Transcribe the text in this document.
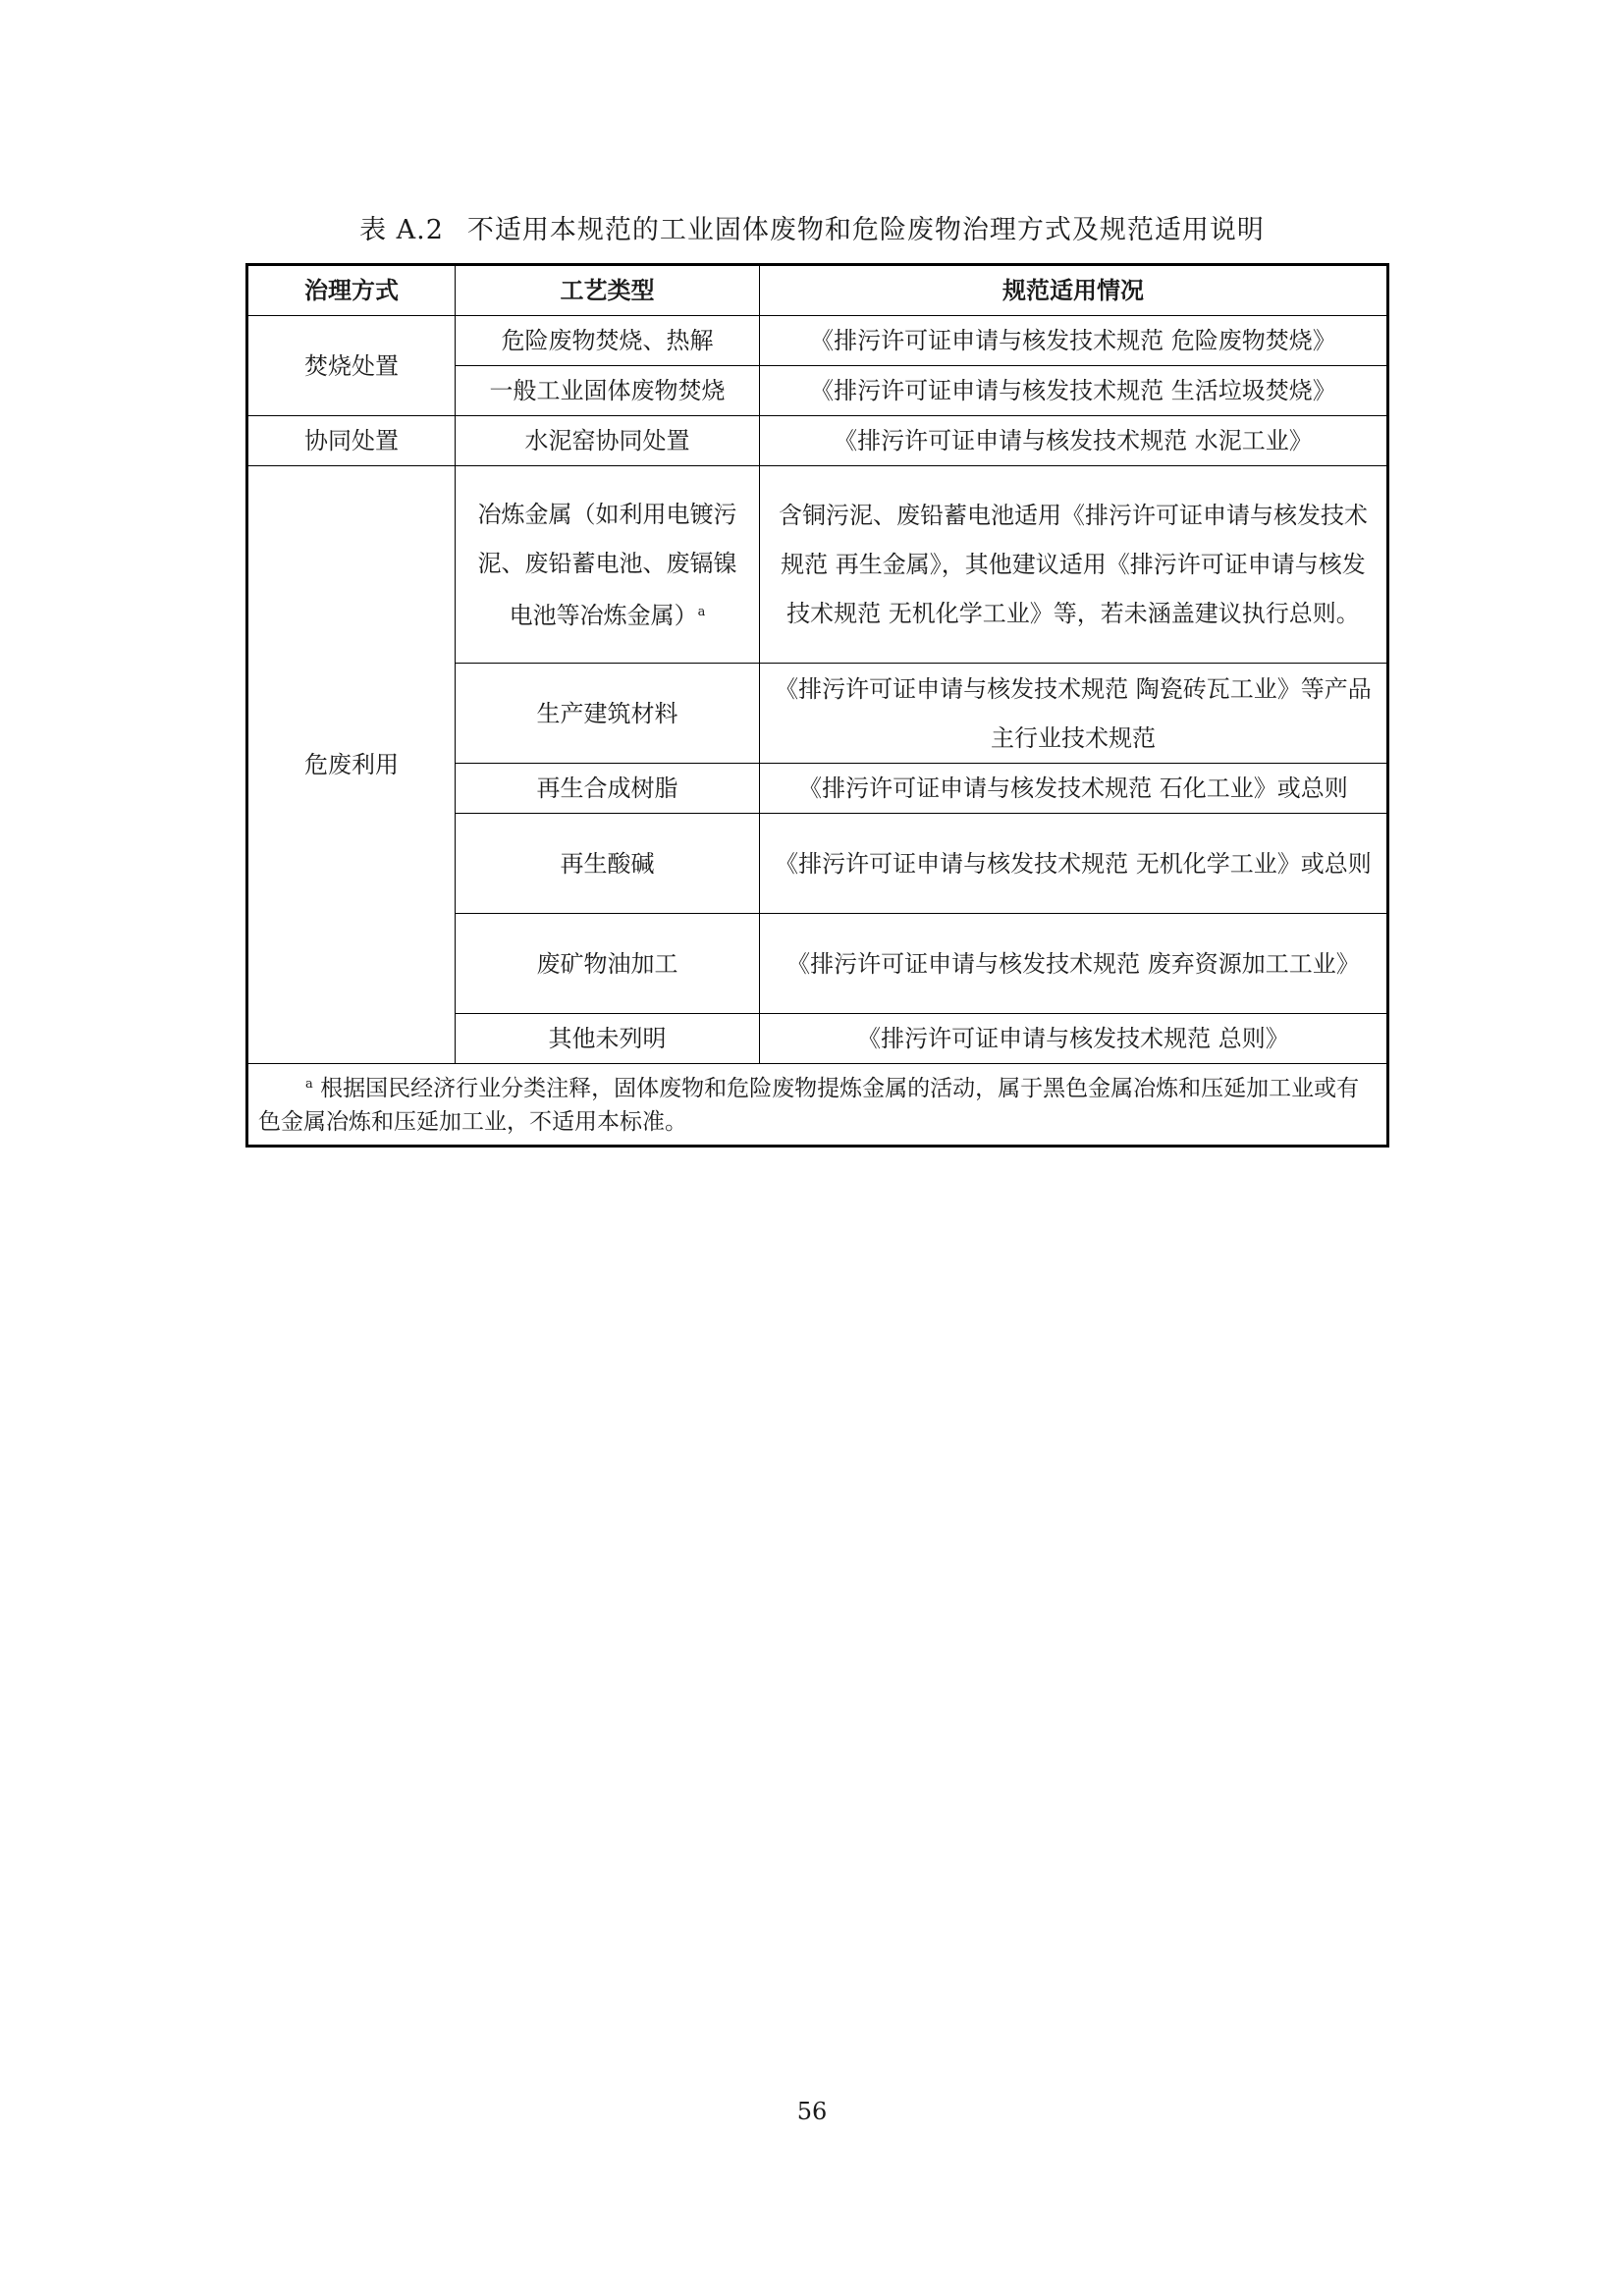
表 A.2 不适用本规范的工业固体废物和危险废物治理方式及规范适用说明
治理方式	工艺类型	规范适用情况
焚烧处置	危险废物焚烧、热解	《排污许可证申请与核发技术规范 危险废物焚烧》
	一般工业固体废物焚烧	《排污许可证申请与核发技术规范 生活垃圾焚烧》
协同处置	水泥窑协同处置	《排污许可证申请与核发技术规范 水泥工业》
危废利用	冶炼金属（如利用电镀污泥、废铅蓄电池、废镉镍电池等冶炼金属）$^a$	含铜污泥、废铅蓄电池适用《排污许可证申请与核发技术规范 再生金属》，其他建议适用《排污许可证申请与核发技术规范 无机化学工业》等，若未涵盖建议执行总则。
	生产建筑材料	《排污许可证申请与核发技术规范 陶瓷砖瓦工业》等产品主行业技术规范
	再生合成树脂	《排污许可证申请与核发技术规范 石化工业》或总则
	再生酸碱	《排污许可证申请与核发技术规范 无机化学工业》或总则
	废矿物油加工	《排污许可证申请与核发技术规范 废弃资源加工工业》
	其他未列明	《排污许可证申请与核发技术规范 总则》
$^a$ 根据国民经济行业分类注释，固体废物和危险废物提炼金属的活动，属于黑色金属冶炼和压延加工业或有色金属冶炼和压延加工业，不适用本标准。		
56
